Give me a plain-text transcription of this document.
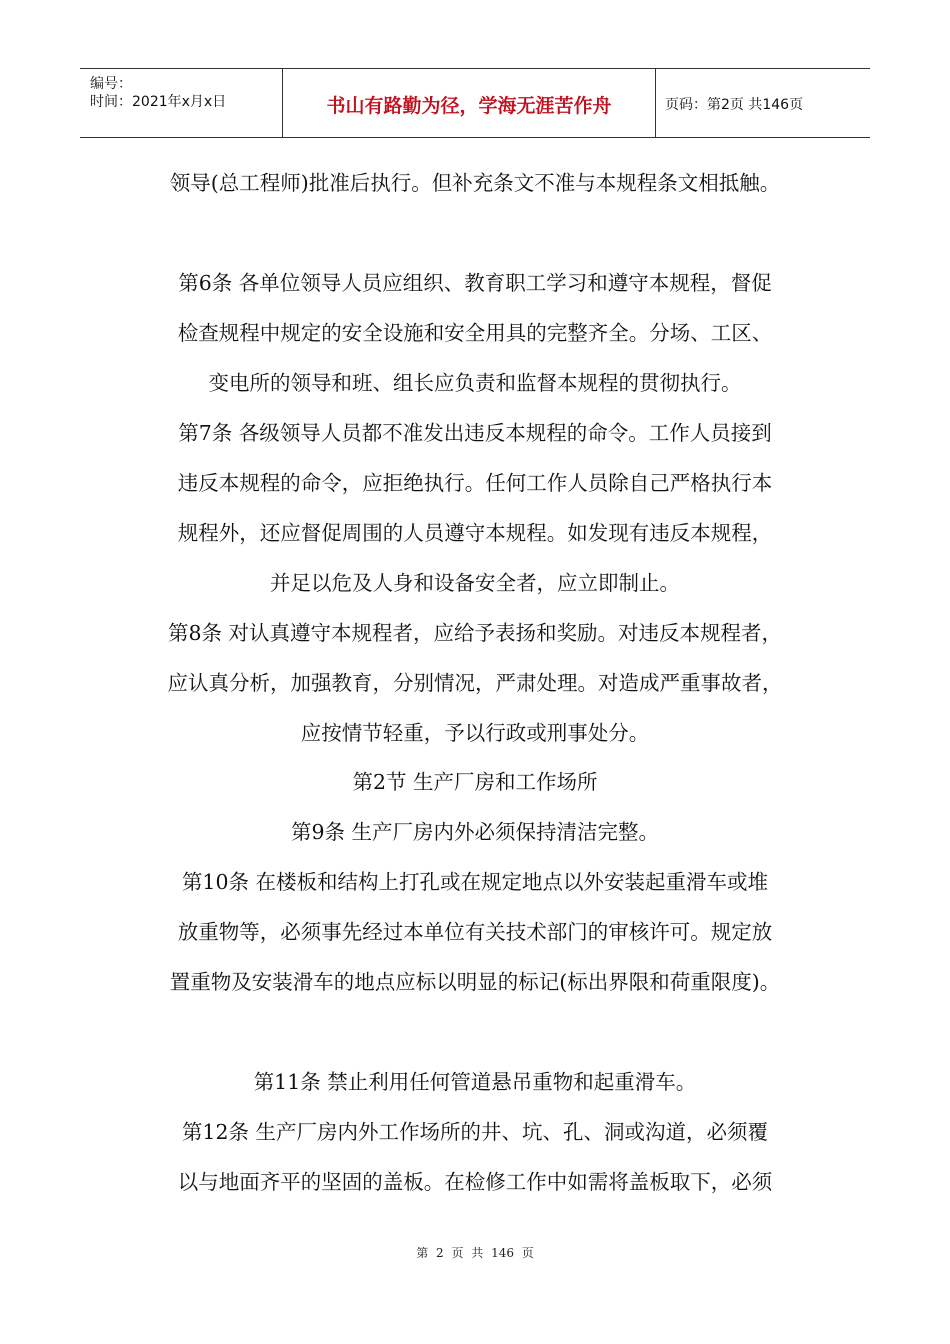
编号：
时间：2021年x月x日	书山有路勤为径，学海无涯苦作舟	页码：第2页 共146页
领导(总工程师)批准后执行。但补充条文不准与本规程条文相抵触。
第6条 各单位领导人员应组织、教育职工学习和遵守本规程，督促
检查规程中规定的安全设施和安全用具的完整齐全。分场、工区、
变电所的领导和班、组长应负责和监督本规程的贯彻执行。
第7条 各级领导人员都不准发出违反本规程的命令。工作人员接到
违反本规程的命令，应拒绝执行。任何工作人员除自己严格执行本
规程外，还应督促周围的人员遵守本规程。如发现有违反本规程，
并足以危及人身和设备安全者，应立即制止。
第8条 对认真遵守本规程者，应给予表扬和奖励。对违反本规程者，
应认真分析，加强教育，分别情况，严肃处理。对造成严重事故者，
应按情节轻重，予以行政或刑事处分。
第2节 生产厂房和工作场所
第9条 生产厂房内外必须保持清洁完整。
第10条 在楼板和结构上打孔或在规定地点以外安装起重滑车或堆
放重物等，必须事先经过本单位有关技术部门的审核许可。规定放
置重物及安装滑车的地点应标以明显的标记(标出界限和荷重限度)。
第11条 禁止利用任何管道悬吊重物和起重滑车。
第12条 生产厂房内外工作场所的井、坑、孔、洞或沟道，必须覆
以与地面齐平的坚固的盖板。在检修工作中如需将盖板取下，必须
第 2 页 共 146 页
